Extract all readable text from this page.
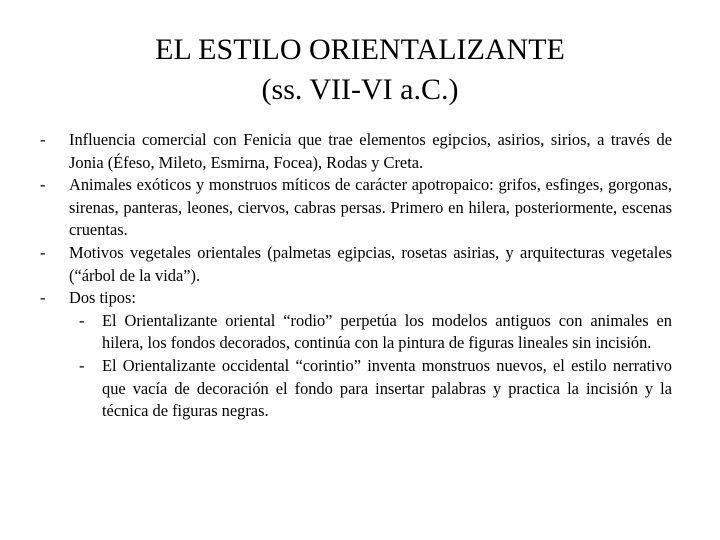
EL ESTILO ORIENTALIZANTE
(ss. VII-VI a.C.)
- Influencia comercial con Fenicia que trae elementos egipcios, asirios, sirios, a través de Jonia (Éfeso, Mileto, Esmirna, Focea), Rodas y Creta.
- Animales exóticos y monstruos míticos de carácter apotropaico: grifos, esfinges, gorgonas, sirenas, panteras, leones, ciervos, cabras persas. Primero en hilera, posteriormente, escenas cruentas.
- Motivos vegetales orientales (palmetas egipcias, rosetas asirias, y arquitecturas vegetales (“árbol de la vida”).
- Dos tipos:
- El Orientalizante oriental “rodio” perpetúa los modelos antiguos con animales en hilera, los fondos decorados, continúa con la pintura de figuras lineales sin incisión.
- El Orientalizante occidental “corintio” inventa monstruos nuevos, el estilo nerrativo que vacía de decoración el fondo para insertar palabras y practica la incisión y la técnica de figuras negras.
